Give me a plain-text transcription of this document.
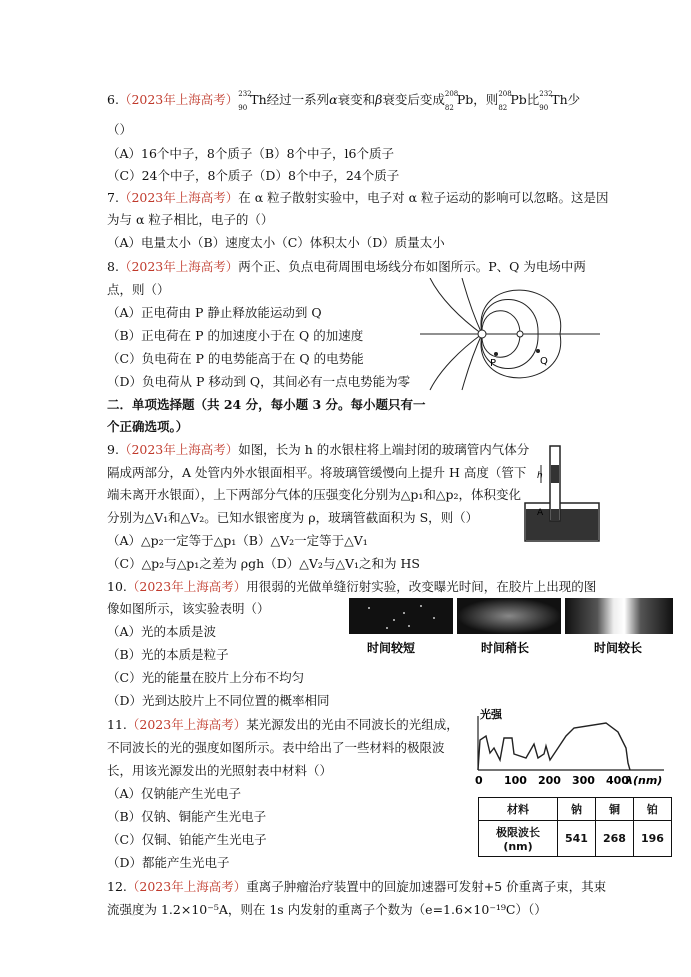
6.（2023年上海高考） 232
90
Th经过一系列α衰变和β衰变后变成 208
82
Pb，则 208
82
Pb比 232
90
Th少
（）
（A）16个中子，8个质子（B）8个中子，l6个质子
（C）24个中子，8个质子（D）8个中子，24个质子
7.（2023年上海高考）在 α 粒子散射实验中，电子对 α 粒子运动的影响可以忽略。这是因
为与 α 粒子相比，电子的（）
（A）电量太小（B）速度太小（C）体积太小（D）质量太小
8.（2023年上海高考）两个正、负点电荷周围电场线分布如图所示。P、Q 为电场中两
点，则（）
（A）正电荷由 P 静止释放能运动到 Q
（B）正电荷在 P 的加速度小于在 Q 的加速度
（C）负电荷在 P 的电势能高于在 Q 的电势能
（D）负电荷从 P 移动到 Q，其间必有一点电势能为零
P	Q
二．单项选择题（共 24 分，每小题 3 分。每小题只有一
个正确选项。）
9.（2023年上海高考）如图，长为 h 的水银柱将上端封闭的玻璃管内气体分
隔成两部分，A 处管内外水银面相平。将玻璃管缓慢向上提升 H 高度（管下
端未离开水银面），上下两部分气体的压强变化分别为△p₁和△p₂，体积变化
分别为△V₁和△V₂。已知水银密度为 ρ，玻璃管截面积为 S，则（）
（A）△p₂一定等于△p₁（B）△V₂一定等于△V₁
（C）△p₂与△p₁之差为 ρgh（D）△V₂与△V₁之和为 HS
h
A
10.（2023年上海高考）用很弱的光做单缝衍射实验，改变曝光时间，在胶片上出现的图
像如图所示，该实验表明（）
（A）光的本质是波
（B）光的本质是粒子
（C）光的能量在胶片上分布不均匀
（D）光到达胶片上不同位置的概率相同
时间较短	时间稍长	时间较长
11.（2023年上海高考）某光源发出的光由不同波长的光组成，
不同波长的光的强度如图所示。表中给出了一些材料的极限波
长，用该光源发出的光照射表中材料（）
（A）仅钠能产生光电子
（B）仅钠、铜能产生光电子
（C）仅铜、铂能产生光电子
（D）都能产生光电子
光强
λ(nm)
0 100 200 300 400
材料	钠	铜	铂
极限波长(nm)	541	268	196
12.（2023年上海高考）重离子肿瘤治疗装置中的回旋加速器可发射+5 价重离子束，其束
流强度为 1.2×10⁻⁵A，则在 1s 内发射的重离子个数为（e=1.6×10⁻¹⁹C）（）
